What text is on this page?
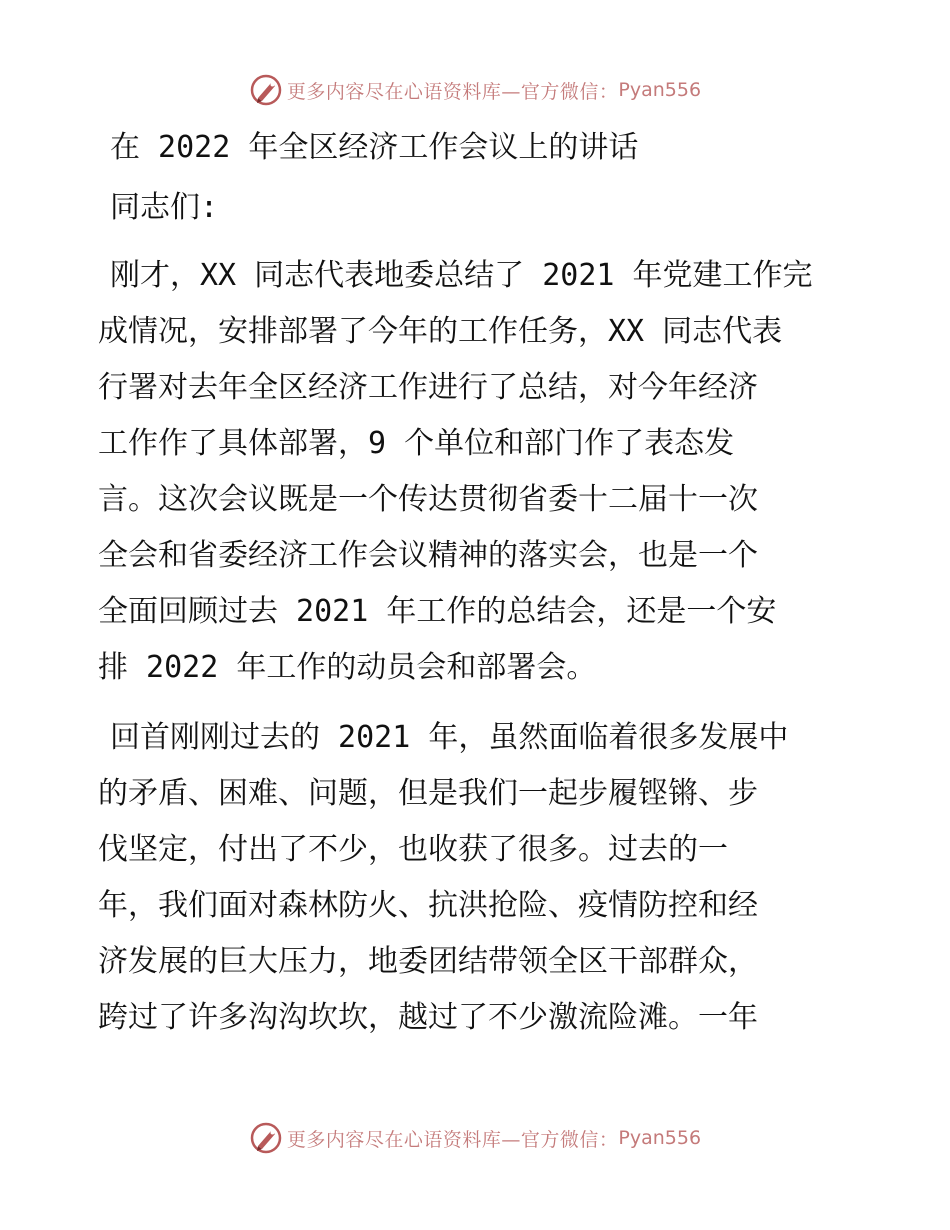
更多内容尽在心语资料库—官方微信： Pyan556
在 2022 年全区经济工作会议上的讲话
同志们:
刚才，XX 同志代表地委总结了 2021 年党建工作完
成情况，安排部署了今年的工作任务，XX 同志代表
行署对去年全区经济工作进行了总结，对今年经济
工作作了具体部署，9 个单位和部门作了表态发
言。这次会议既是一个传达贯彻省委十二届十一次
全会和省委经济工作会议精神的落实会，也是一个
全面回顾过去 2021 年工作的总结会，还是一个安
排 2022 年工作的动员会和部署会。
回首刚刚过去的 2021 年，虽然面临着很多发展中
的矛盾、困难、问题，但是我们一起步履铿锵、步
伐坚定，付出了不少，也收获了很多。过去的一
年，我们面对森林防火、抗洪抢险、疫情防控和经
济发展的巨大压力，地委团结带领全区干部群众，
跨过了许多沟沟坎坎，越过了不少激流险滩。一年
更多内容尽在心语资料库—官方微信： Pyan556
